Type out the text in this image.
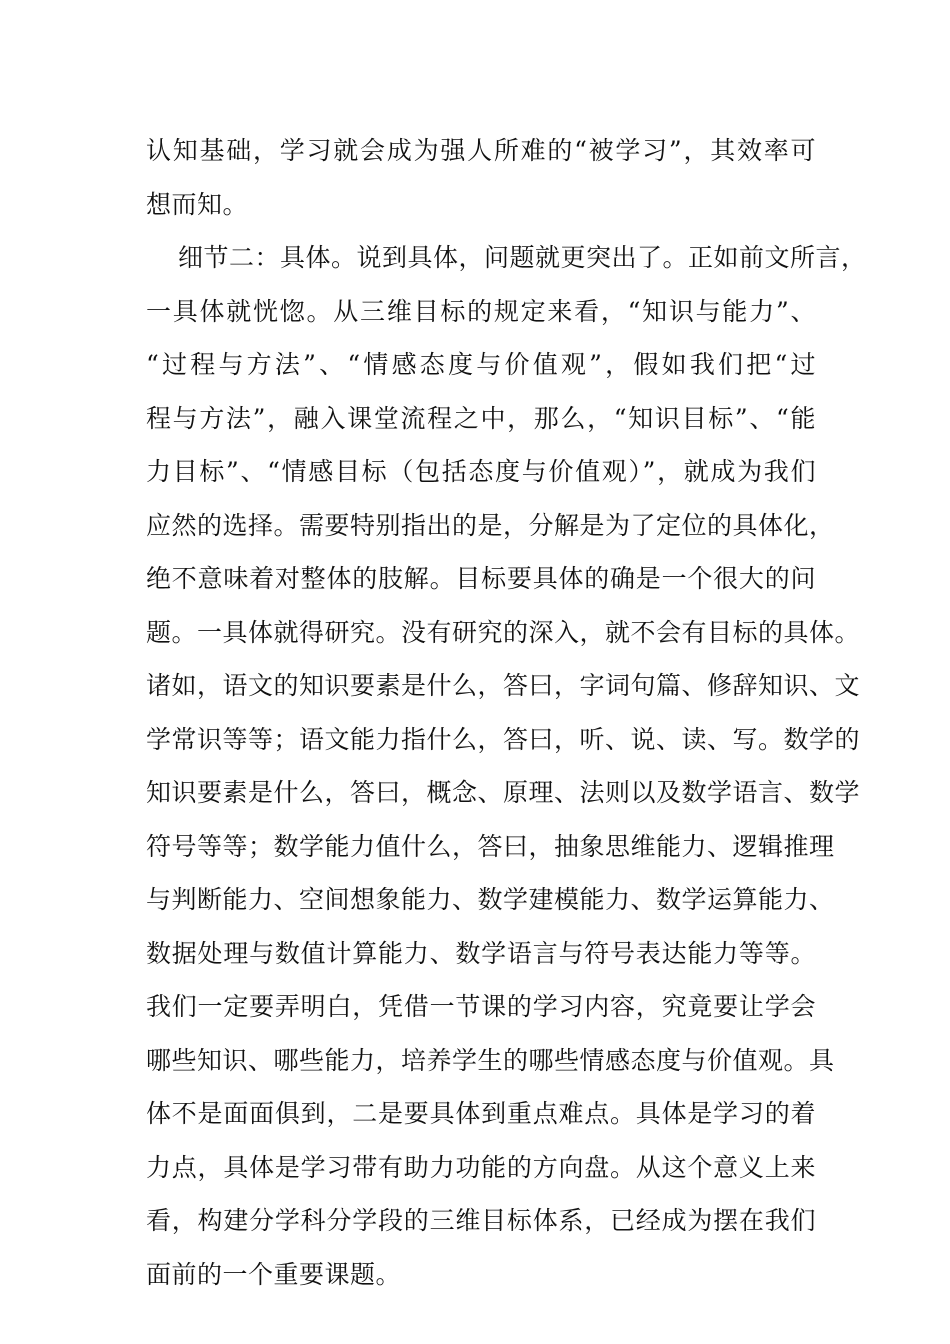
认知基础，学习就会成为强人所难的“被学习”，其效率可
想而知。
细节二：具体。说到具体，问题就更突出了。正如前文所言，
一具体就恍惚。从三维目标的规定来看，“知识与能力”、
“过程与方法”、“情感态度与价值观”，假如我们把“过
程与方法”，融入课堂流程之中，那么，“知识目标”、“能
力目标”、“情感目标（包括态度与价值观）”，就成为我们
应然的选择。需要特别指出的是，分解是为了定位的具体化，
绝不意味着对整体的肢解。目标要具体的确是一个很大的问
题。一具体就得研究。没有研究的深入，就不会有目标的具体。
诸如，语文的知识要素是什么，答曰，字词句篇、修辞知识、文
学常识等等；语文能力指什么，答曰，听、说、读、写。数学的
知识要素是什么，答曰，概念、原理、法则以及数学语言、数学
符号等等；数学能力值什么，答曰，抽象思维能力、逻辑推理
与判断能力、空间想象能力、数学建模能力、数学运算能力、
数据处理与数值计算能力、数学语言与符号表达能力等等。
我们一定要弄明白，凭借一节课的学习内容，究竟要让学会
哪些知识、哪些能力，培养学生的哪些情感态度与价值观。具
体不是面面俱到，二是要具体到重点难点。具体是学习的着
力点，具体是学习带有助力功能的方向盘。从这个意义上来
看，构建分学科分学段的三维目标体系，已经成为摆在我们
面前的一个重要课题。
